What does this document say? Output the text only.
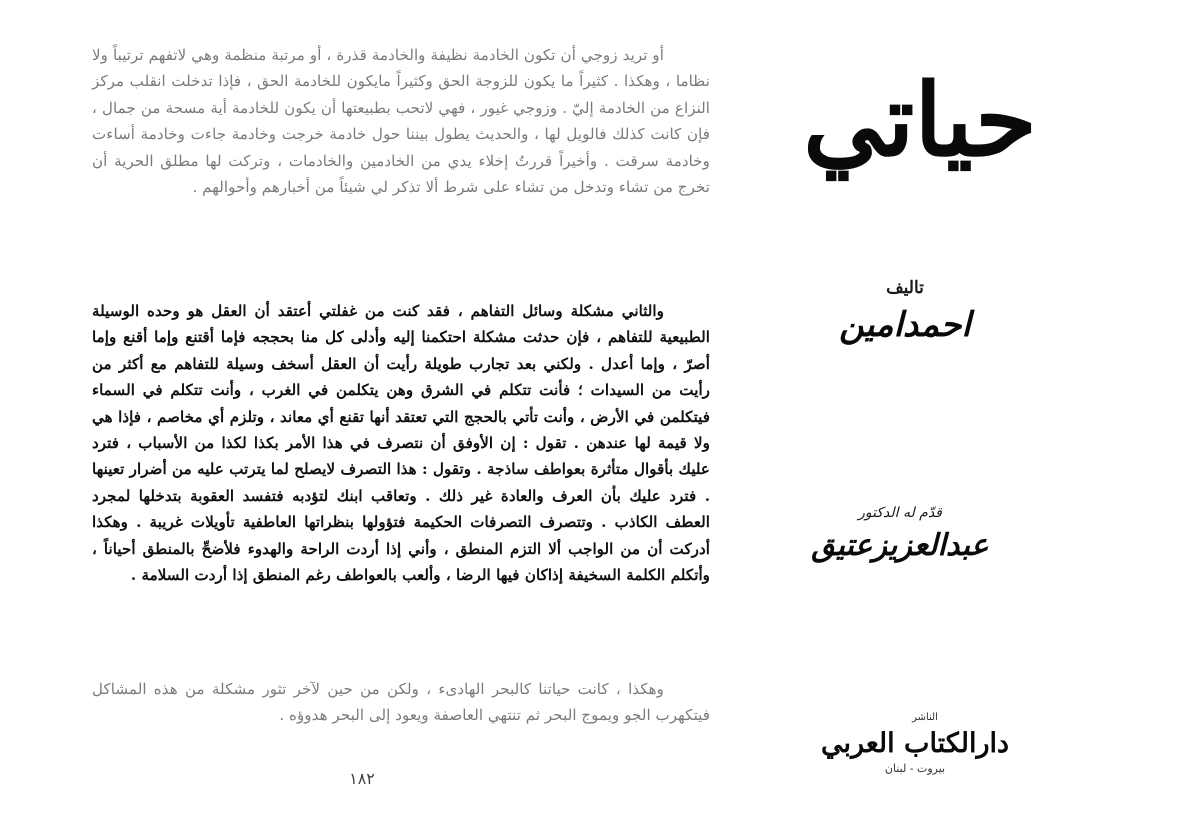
أو تريد زوجي أن تكون الخادمة نظيفة والخادمة قذرة ، أو مرتبة منظمة وهي لاتفهم ترتيباً ولا نظاما ، وهكذا . كثيراً ما يكون للزوجة الحق وكثيراً مايكون للخادمة الحق ، فإذا تدخلت انقلب مركز النزاع من الخادمة إليّ . وزوجي غيور ، فهي لاتحب بطبيعتها أن يكون للخادمة أية مسحة من جمال ، فإن كانت كذلك فالويل لها ، والحديث يطول بيننا حول خادمة خرجت وخادمة جاءت وخادمة أساءت وخادمة سرقت . وأخيراً قررتُ إخلاء يدي من الخادمين والخادمات ، وتركت لها مطلق الحرية أن تخرج من تشاء وتدخل من تشاء على شرط ألا تذكر لي شيئاً من أخبارهم وأحوالهم .

والثاني مشكلة وسائل التفاهم ، فقد كنت من غفلتي أعتقد أن العقل هو وحده الوسيلة الطبيعية للتفاهم ، فإن حدثت مشكلة احتكمنا إليه وأدلى كل منا بحججه فإما أقتنع وإما أقنع وإما أصرّ ، وإما أعدل . ولكني بعد تجارب طويلة رأيت أن العقل أسخف وسيلة للتفاهم مع أكثر من رأيت من السيدات ؛ فأنت تتكلم في الشرق وهن يتكلمن في الغرب ، وأنت تتكلم في السماء فيتكلمن في الأرض ، وأنت تأتي بالحجج التي تعتقد أنها تقنع أي معاند ، وتلزم أي مخاصم ، فإذا هي ولا قيمة لها عندهن . تقول : إن الأوفق أن نتصرف في هذا الأمر بكذا لكذا من الأسباب ، فترد عليك بأقوال متأثرة بعواطف ساذجة . وتقول : هذا التصرف لايصلح لما يترتب عليه من أضرار تعينها . فترد عليك بأن العرف والعادة غير ذلك . وتعاقب ابنك لتؤدبه فتفسد العقوبة بتدخلها لمجرد العطف الكاذب . وتتصرف التصرفات الحكيمة فتؤولها بنظراتها العاطفية تأويلات غريبة . وهكذا أدركت أن من الواجب ألا التزم المنطق ، وأني إذا أردت الراحة والهدوء فلأضحِّ بالمنطق أحياناً ، وأتكلم الكلمة السخيفة إذاكان فيها الرضا ، وألعب بالعواطف رغم المنطق إذا أردت السلامة .

وهكذا ، كانت حياتنا كالبحر الهادىء ، ولكن من حين لآخر تثور مشكلة من هذه المشاكل فيتكهرب الجو ويموج البحر ثم تنتهي العاصفة ويعود إلى البحر هدوؤه .

١٨٢
حياتي
تاليف
احمدامين
قدّم له الدكتور
عبدالعزيزعتيق
الناشر
دارالكتاب العربي
بيروت - لبنان
